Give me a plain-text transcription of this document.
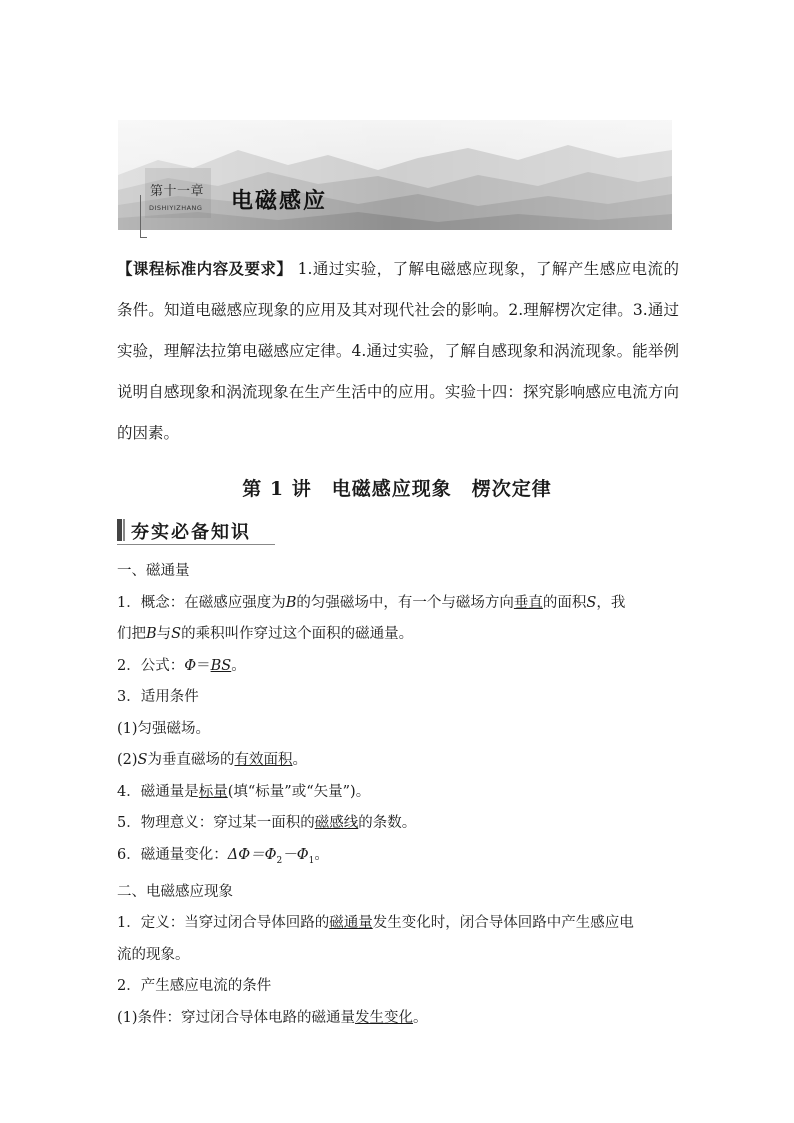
第十一章
DISHIYIZHANG 电磁感应
【课程标准内容及要求】 1.通过实验，了解电磁感应现象，了解产生感应电流的条件。知道电磁感应现象的应用及其对现代社会的影响。2.理解楞次定律。3.通过实验，理解法拉第电磁感应定律。4.通过实验，了解自感现象和涡流现象。能举例说明自感现象和涡流现象在生产生活中的应用。实验十四：探究影响感应电流方向的因素。
第 1 讲　电磁感应现象　楞次定律
夯实必备知识
一、磁通量
1．概念：在磁感应强度为B的匀强磁场中，有一个与磁场方向垂直的面积S，我
们把B与S的乘积叫作穿过这个面积的磁通量。
2．公式：Φ＝BS。
3．适用条件
(1)匀强磁场。
(2)S为垂直磁场的有效面积。
4．磁通量是标量(填“标量”或“矢量”)。
5．物理意义：穿过某一面积的磁感线的条数。
6．磁通量变化：$\Delta\Phi=\Phi_2-\Phi_1$。
二、电磁感应现象
1．定义：当穿过闭合导体回路的磁通量发生变化时，闭合导体回路中产生感应电
流的现象。
2．产生感应电流的条件
(1)条件：穿过闭合导体电路的磁通量发生变化。
